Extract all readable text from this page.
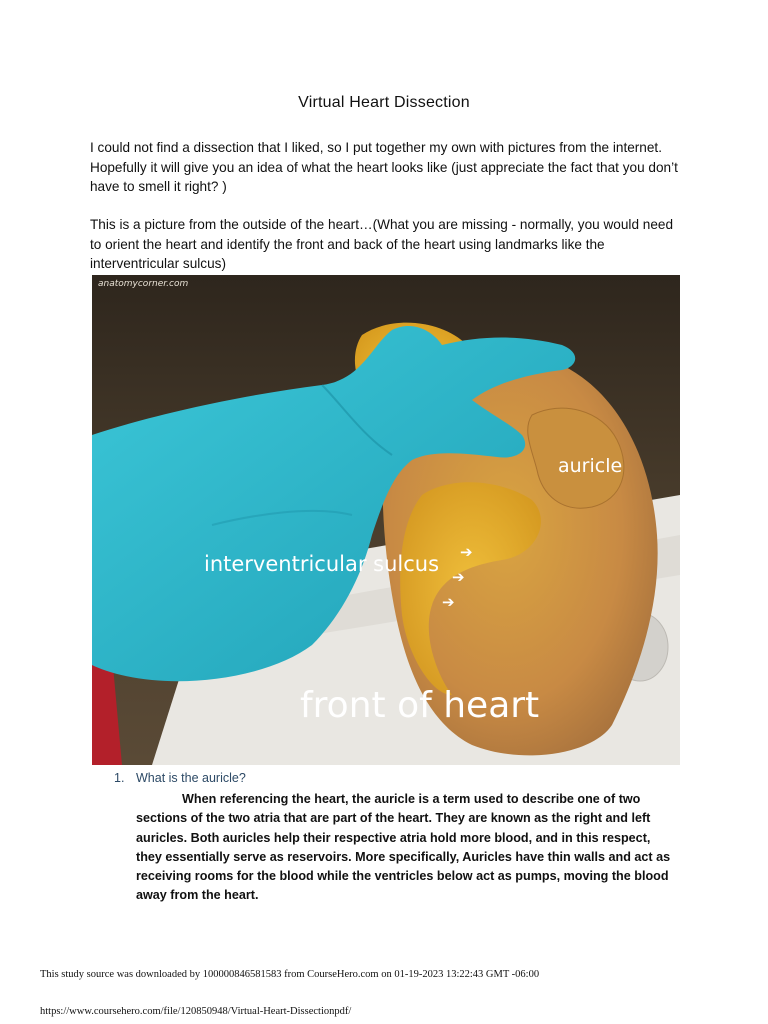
Virtual Heart Dissection
I could not find a dissection that I liked, so I put together my own with pictures from the internet. Hopefully it will give you an idea of what the heart looks like (just appreciate the fact that you don’t have to smell it right? )
This is a picture from the outside of the heart…(What you are missing - normally, you would need to orient the heart and identify the front and back of the heart using landmarks like the interventricular sulcus)
anatomycorner.com
auricle
interventricular sulcus ➔
➔
➔
front of heart
1. What is the auricle?
When referencing the heart, the auricle is a term used to describe one of two sections of the two atria that are part of the heart. They are known as the right and left auricles. Both auricles help their respective atria hold more blood, and in this respect, they essentially serve as reservoirs. More specifically, Auricles have thin walls and act as receiving rooms for the blood while the ventricles below act as pumps, moving the blood away from the heart.
This study source was downloaded by 100000846581583 from CourseHero.com on 01-19-2023 13:22:43 GMT -06:00
https://www.coursehero.com/file/120850948/Virtual-Heart-Dissectionpdf/
